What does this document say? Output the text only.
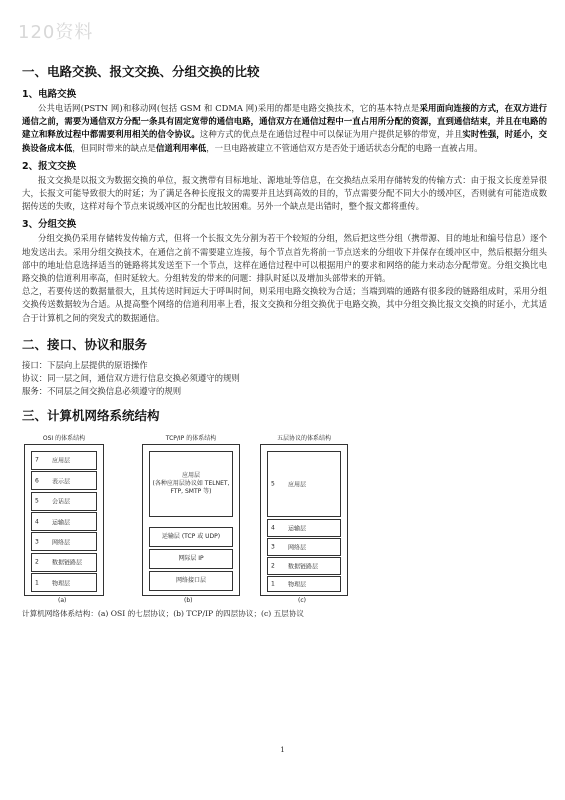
120资料
一、电路交换、报文交换、分组交换的比较
1、电路交换

公共电话网(PSTN 网)和移动网(包括 GSM 和 CDMA 网)采用的都是电路交换技术，它的基本特点是采用面向连接的方式，在双方进行通信之前，需要为通信双方分配一条具有固定宽带的通信电路，通信双方在通信过程中一直占用所分配的资源，直到通信结束，并且在电路的建立和释放过程中都需要利用相关的信令协议。这种方式的优点是在通信过程中可以保证为用户提供足够的带宽，并且实时性强，时延小，交换设备成本低，但同时带来的缺点是信道利用率低，一旦电路被建立不管通信双方是否处于通话状态分配的电路一直被占用。

2、报文交换

报文交换是以报文为数据交换的单位，报文携带有目标地址、源地址等信息，在交换结点采用存储转发的传输方式：由于报文长度差异很大，长报文可能导致很大的时延；为了满足各种长度报文的需要并且达到高效的目的，节点需要分配不同大小的缓冲区，否则就有可能造成数据传送的失败，这样对每个节点来说缓冲区的分配也比较困难。另外一个缺点是出错时，整个报文都将重传。

3、分组交换

分组交换仍采用存储转发传输方式，但将一个长报文先分割为若干个较短的分组，然后把这些分组（携带源、目的地址和编号信息）逐个地发送出去。采用分组交换技术，在通信之前不需要建立连接，每个节点首先将前一节点送来的分组收下并保存在缓冲区中，然后根据分组头部中的地址信息选择适当的链路将其发送至下一个节点，这样在通信过程中可以根据用户的要求和网络的能力来动态分配带宽。分组交换比电路交换的信道利用率高，但时延较大。分组转发的带来的问题：排队时延以及增加头部带来的开销。

总之，若要传送的数据量很大，且其传送时间远大于呼叫时间，则采用电路交换较为合适；当端到端的通路有很多段的链路组成时，采用分组交换传送数据较为合适。从提高整个网络的信道利用率上看，报文交换和分组交换优于电路交换，其中分组交换比报文交换的时延小，尤其适合于计算机之间的突发式的数据通信。

二、接口、协议和服务
接口：下层向上层提供的原语操作
协议：同一层之间，通信双方进行信息交换必须遵守的规则
服务：不同层之间交换信息必须遵守的规则
三、计算机网络系统结构
OSI 的体系结构
7 应用层
6 表示层
5 会话层
4 运输层
3 网络层
2 数据链路层
1 物理层
(a)
TCP/IP 的体系结构
应用层
(各种应用层协议如 TELNET, FTP, SMTP 等)
运输层 (TCP 或 UDP)
网际层 IP
网络接口层
(b)
五层协议的体系结构
5 应用层
4 运输层
3 网络层
2 数据链路层
1 物理层
(c)
计算机网络体系结构：(a) OSI 的七层协议；(b) TCP/IP 的四层协议；(c) 五层协议
1
